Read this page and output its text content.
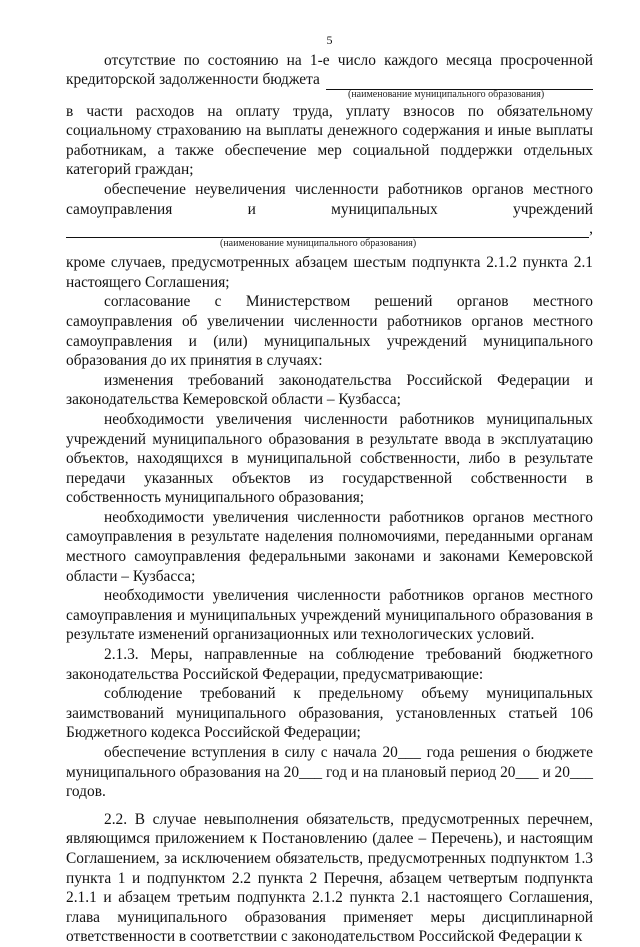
5

отсутствие по состоянию на 1-е число каждого месяца просроченной

кредиторской задолженности бюджета
(наименование муниципального образования)

в части расходов на оплату труда, уплату взносов по обязательному социальному страхованию на выплаты денежного содержания и иные выплаты работникам, а также обеспечение мер социальной поддержки отдельных категорий граждан;

обеспечение неувеличения численности работников органов местного самоуправления и муниципальных учреждений

,
(наименование муниципального образования)

кроме случаев, предусмотренных абзацем шестым подпункта 2.1.2 пункта 2.1 настоящего Соглашения;

согласование с Министерством решений органов местного самоуправления об увеличении численности работников органов местного самоуправления и (или) муниципальных учреждений муниципального образования до их принятия в случаях:

изменения требований законодательства Российской Федерации и законодательства Кемеровской области – Кузбасса;

необходимости увеличения численности работников муниципальных учреждений муниципального образования в результате ввода в эксплуатацию объектов, находящихся в муниципальной собственности, либо в результате передачи указанных объектов из государственной собственности в собственность муниципального образования;

необходимости увеличения численности работников органов местного самоуправления в результате наделения полномочиями, переданными органам местного самоуправления федеральными законами и законами Кемеровской области – Кузбасса;

необходимости увеличения численности работников органов местного самоуправления и муниципальных учреждений муниципального образования в результате изменений организационных или технологических условий.

2.1.3. Меры, направленные на соблюдение требований бюджетного законодательства Российской Федерации, предусматривающие:

соблюдение требований к предельному объему муниципальных заимствований муниципального образования, установленных статьей 106 Бюджетного кодекса Российской Федерации;

обеспечение вступления в силу с начала 20___ года решения о бюджете муниципального образования на 20___ год и на плановый период 20___ и 20___ годов.

2.2. В случае невыполнения обязательств, предусмотренных перечнем, являющимся приложением к Постановлению (далее – Перечень), и настоящим Соглашением, за исключением обязательств, предусмотренных подпунктом 1.3 пункта 1 и подпунктом 2.2 пункта 2 Перечня, абзацем четвертым подпункта 2.1.1 и абзацем третьим подпункта 2.1.2 пункта 2.1 настоящего Соглашения, глава муниципального образования применяет меры дисциплинарной ответственности в соответствии с законодательством Российской Федерации к
